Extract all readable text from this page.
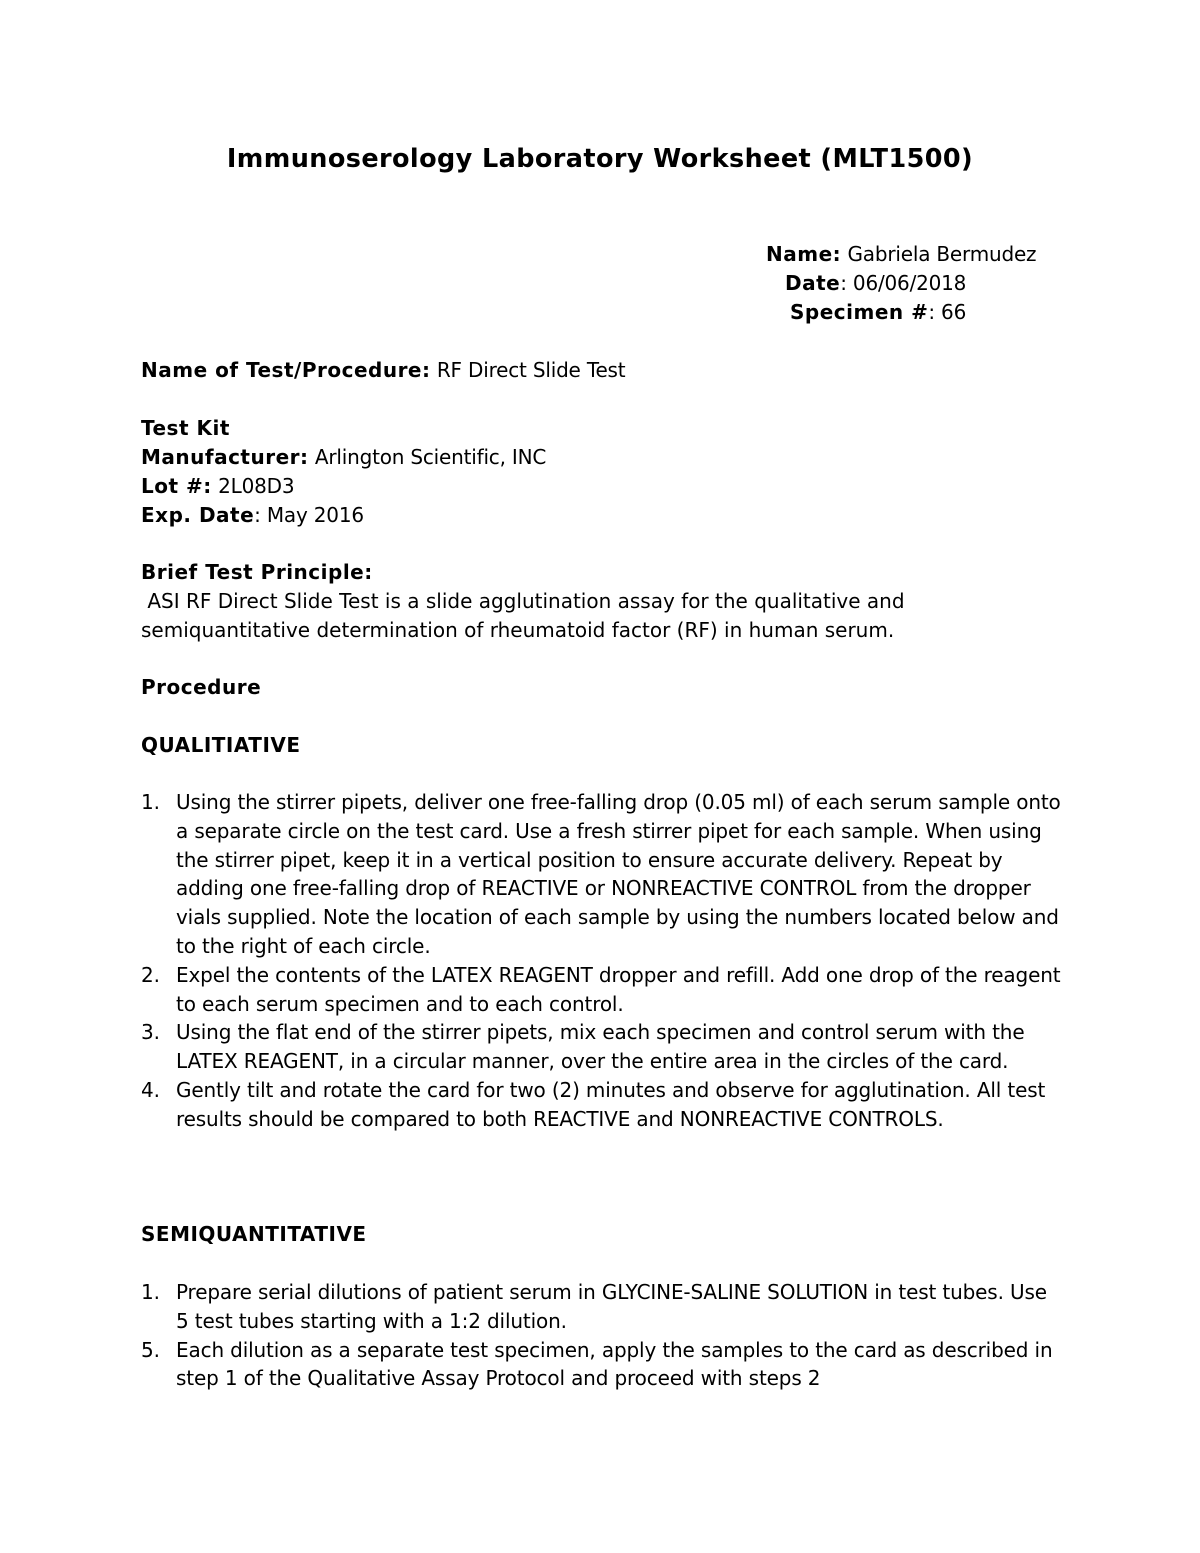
Immunoserology Laboratory Worksheet (MLT1500)
Name: Gabriela Bermudez
Date: 06/06/2018
Specimen #: 66
Name of Test/Procedure: RF Direct Slide Test
Test Kit
Manufacturer: Arlington Scientific, INC
Lot #: 2L08D3
Exp. Date: May 2016
Brief Test Principle:
ASI RF Direct Slide Test is a slide agglutination assay for the qualitative and
semiquantitative determination of rheumatoid factor (RF) in human serum.
Procedure
QUALITIATIVE
1. Using the stirrer pipets, deliver one free-falling drop (0.05 ml) of each serum sample onto a separate circle on the test card. Use a fresh stirrer pipet for each sample. When using the stirrer pipet, keep it in a vertical position to ensure accurate delivery. Repeat by adding one free-falling drop of REACTIVE or NONREACTIVE CONTROL from the dropper vials supplied. Note the location of each sample by using the numbers located below and to the right of each circle.
2. Expel the contents of the LATEX REAGENT dropper and refill. Add one drop of the reagent to each serum specimen and to each control.
3. Using the flat end of the stirrer pipets, mix each specimen and control serum with the LATEX REAGENT, in a circular manner, over the entire area in the circles of the card.
4. Gently tilt and rotate the card for two (2) minutes and observe for agglutination. All test results should be compared to both REACTIVE and NONREACTIVE CONTROLS.
SEMIQUANTITATIVE
1. Prepare serial dilutions of patient serum in GLYCINE-SALINE SOLUTION in test tubes. Use 5 test tubes starting with a 1:2 dilution.
5. Each dilution as a separate test specimen, apply the samples to the card as described in step 1 of the Qualitative Assay Protocol and proceed with steps 2
